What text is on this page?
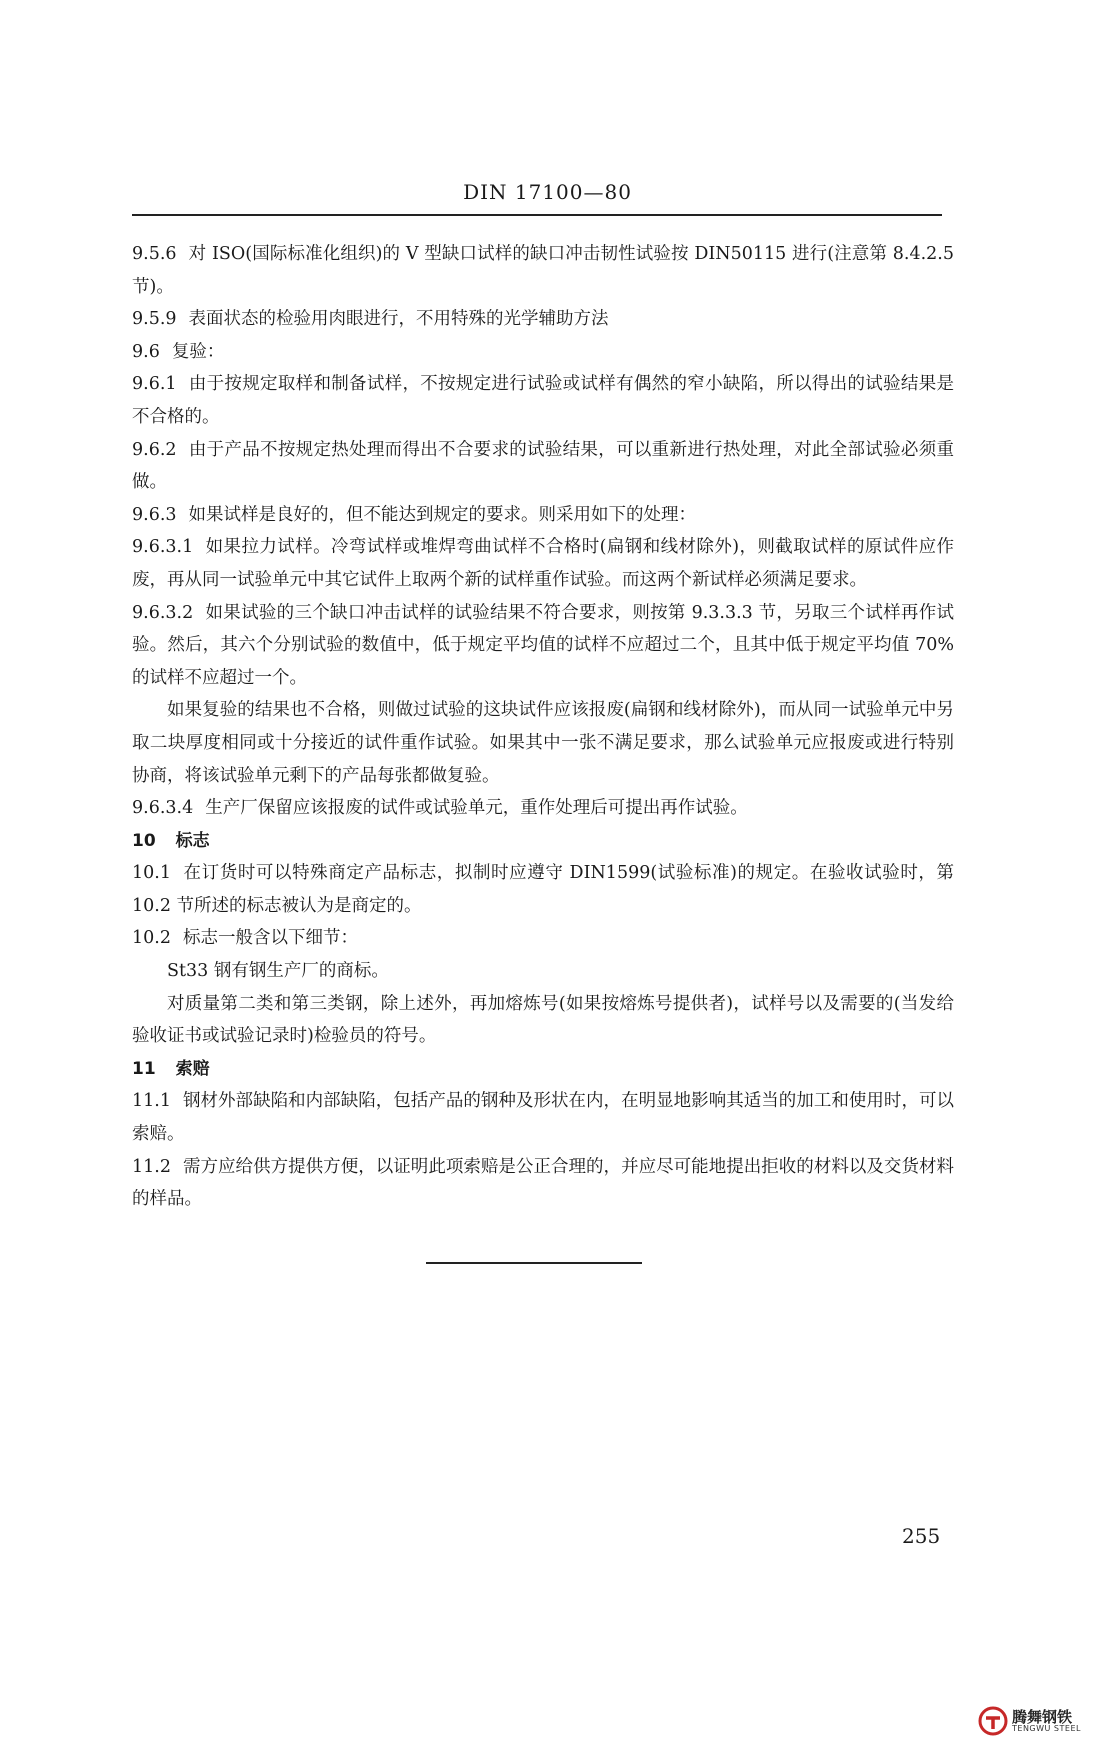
DIN 17100—80

9.5.6 对 ISO(国际标准化组织)的 V 型缺口试样的缺口冲击韧性试验按 DIN50115 进行(注意第 8.4.2.5 节)。

9.5.9 表面状态的检验用肉眼进行，不用特殊的光学辅助方法

9.6 复验：

9.6.1 由于按规定取样和制备试样，不按规定进行试验或试样有偶然的窄小缺陷，所以得出的试验结果是不合格的。

9.6.2 由于产品不按规定热处理而得出不合要求的试验结果，可以重新进行热处理，对此全部试验必须重做。

9.6.3 如果试样是良好的，但不能达到规定的要求。则采用如下的处理：

9.6.3.1 如果拉力试样。冷弯试样或堆焊弯曲试样不合格时(扁钢和线材除外)，则截取试样的原试件应作废，再从同一试验单元中其它试件上取两个新的试样重作试验。而这两个新试样必须满足要求。

9.6.3.2 如果试验的三个缺口冲击试样的试验结果不符合要求，则按第 9.3.3.3 节，另取三个试样再作试验。然后，其六个分别试验的数值中，低于规定平均值的试样不应超过二个，且其中低于规定平均值 70% 的试样不应超过一个。

如果复验的结果也不合格，则做过试验的这块试件应该报废(扁钢和线材除外)，而从同一试验单元中另取二块厚度相同或十分接近的试件重作试验。如果其中一张不满足要求，那么试验单元应报废或进行特别协商，将该试验单元剩下的产品每张都做复验。

9.6.3.4 生产厂保留应该报废的试件或试验单元，重作处理后可提出再作试验。

10 标志

10.1 在订货时可以特殊商定产品标志，拟制时应遵守 DIN1599(试验标准)的规定。在验收试验时，第 10.2 节所述的标志被认为是商定的。

10.2 标志一般含以下细节：

St33 钢有钢生产厂的商标。

对质量第二类和第三类钢，除上述外，再加熔炼号(如果按熔炼号提供者)，试样号以及需要的(当发给验收证书或试验记录时)检验员的符号。

11 索赔

11.1 钢材外部缺陷和内部缺陷，包括产品的钢种及形状在内，在明显地影响其适当的加工和使用时，可以索赔。

11.2 需方应给供方提供方便，以证明此项索赔是公正合理的，并应尽可能地提出拒收的材料以及交货材料的样品。

255
腾舞钢铁
TENGWU STEEL
